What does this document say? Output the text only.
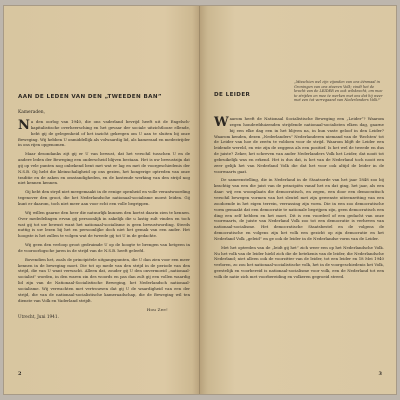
AAN DE LEDEN VAN DEN „TWEEDEN BAN”
Kameraden,

Na den oorlog van 1940, die ons vaderland bevrijd heeft uit de Engelsch-kapitalistische overheersching en het gevaar der sociale uitzichtlooze ellende, hebt gij de gelegenheid of het inzicht gekregen om U aan te sluiten bij onze Beweging. Wij hebben U onmiddellijk als volwaardig lid, als kameraad en medestrijder in ons rijen opgenomen.

Maar desondanks zijt gij er U van bewust, dat het verschil tusschen U en de andere leden der Beweging een onderscheid blijven bestaan. Het is uw bewustzijn dat gij op vele punten nog onbekend bent met wat er lag en met de voorgeschiedenis der N.S.B. Gij hebt die kleinschaligheid op ons gezien, het hongerige optreden van onze traditie en de zaken en omstandigheden, en de kostende werking van den strijd nog niet kennen kennen.

Gij hebt den stryd niet meegemaakt in de eenige openheid en volle verantwoording tegenover den groot, die het Nederlandsche nationaal-socialisme moest leiden. Gij kunt er daarom, toch niet meer aan voor echt een volle begrippen.

Wij willen gaarne den heer die natuurlijk kunnen den kortst daarin zien te kennen. Over mededelingen ervan gij persoonlijk in zakelijk die u lastig zult vinden en toch wat gij tot uw bewust want het nationaal-socialisme is geen bewustwording. Steeds nuttig is uw lezen bij het en persoonlijke doch niet het gemak van een ander. Het hoogste is het zullen te volgen wat de tweede gij tot U in de gedachte.

Wij geen den verloop groot gedruimde U op de hoogte te brengen van hetgeen in de vooroorlogsche jaren in de strijd van de N.S.B. heeft geleefd.

Bovendien het, zoals de principiëele uitgangspunten, die U dan zien voor een meer kennen in de beweging moet. Die tot op mede van den strijd in de periode van den strijd, die van U want verwacht. Alleen dat, zouder gij U den onvermoeid „nationaal-socialist” worden, in den waren zin des woords en pas dan zult gij een vollen waardig lid zijn van de Nationaal-Socialistische Beweging, het Nederlandsch nationaal-socialisme. Wij verwachten met vertrouwen dat gij U de waardigheid van een der strijd, die van de nationaal-socialistische kameraadschap, die de Beweging wil ten dienste van Volk en Vaderland strijdt.

Hou Zee!
Utrecht, Juni 1941.
2
„Misschien wel zijn vijanden van ons éénmaal in Groningen van ons stoeren Volk; vindt het de kracht van de LEIDER en ook wilskracht, om mee te strijden en mee te werken met ons dat hij weer met een tot verregaand van Nederlanders Volk!”
DE LEIDER

Waarom heeft de Nationaal Socialistische Beweging een „Leider”? Waarom zegen honderdduizenden strijdende nationaal-socialisten elken dag, gaarne bij een elke dag een in het blijven na, in hun vaste geloof in den Leider? Waarom kenden, dezen „Nederlanders” Nederlanderen niemand van de 'Rechten' tot de Leider van hoe de zeeën te voldoen voor de strijd. Waarom blijft de Leider een leidende wereld, en wie zijn de zeggens als een positief. Is het wel de tweede en dus de juiste? Zeker, het schreven van ander Nederlanders Volk het Leider, dat nooit tot gebruikelijk was en erkend. Het is dus dat, is het van de Nederland toch nooit een zeer gelijk het van Nederland Volk die dat het voor ook altijd de leider in de voorwaarts gaat.

De sameenstelling, die in Nederland in de Staatsorde van het jaar 1848 zoo bij krachtig van een die juist van de principiën vanaf het en dat ging, het jaar, als een daar: wij een woonplaats die democratisch, en zegen, een door een democratisch verschil bewegen vormen van het sleutel met zijn gewenste uiteenzetting van een zoodoende in het eigen terrein, verrassing zijn vorm. Die in een zoo democratische vorm gemaakt dat een democratie te nationale begrijpen zijn, geen democratisch een ding een zelf hebben en het moet. Dit is een voordeel of een gedacht van onze voorwaarts, de juiste van Nederland Volk zoo tot een democratie is verheven van nationaal-socialisme. Het democratische Staatsbestel en de volgens de democratische en volgens zijn het volk een gezicht op zijn democratie en het Nederland Volk „geleid” en ge ook de leider in de Nederlandse vorm van de Leider.

Met het optreden van de „leidt gij het” zich weer een op het Nederlandsche Volk. Nu het volk van de leider hield zich die de betekenis van de leider, die Nederlandsche Nederland; niet alleen ook de voorzitter van de leider, tot een leider en 18 Mei 1940 verloren, zo zou het nationaal-socialistische volk, het in de voorgeschiedenis het Volk, geestelijk en voorbereid is nationaal-socialisme voor volk, een de Nederland tot een volk de natie zich met voorbereiding en volkeren gegroeid streed.

3
